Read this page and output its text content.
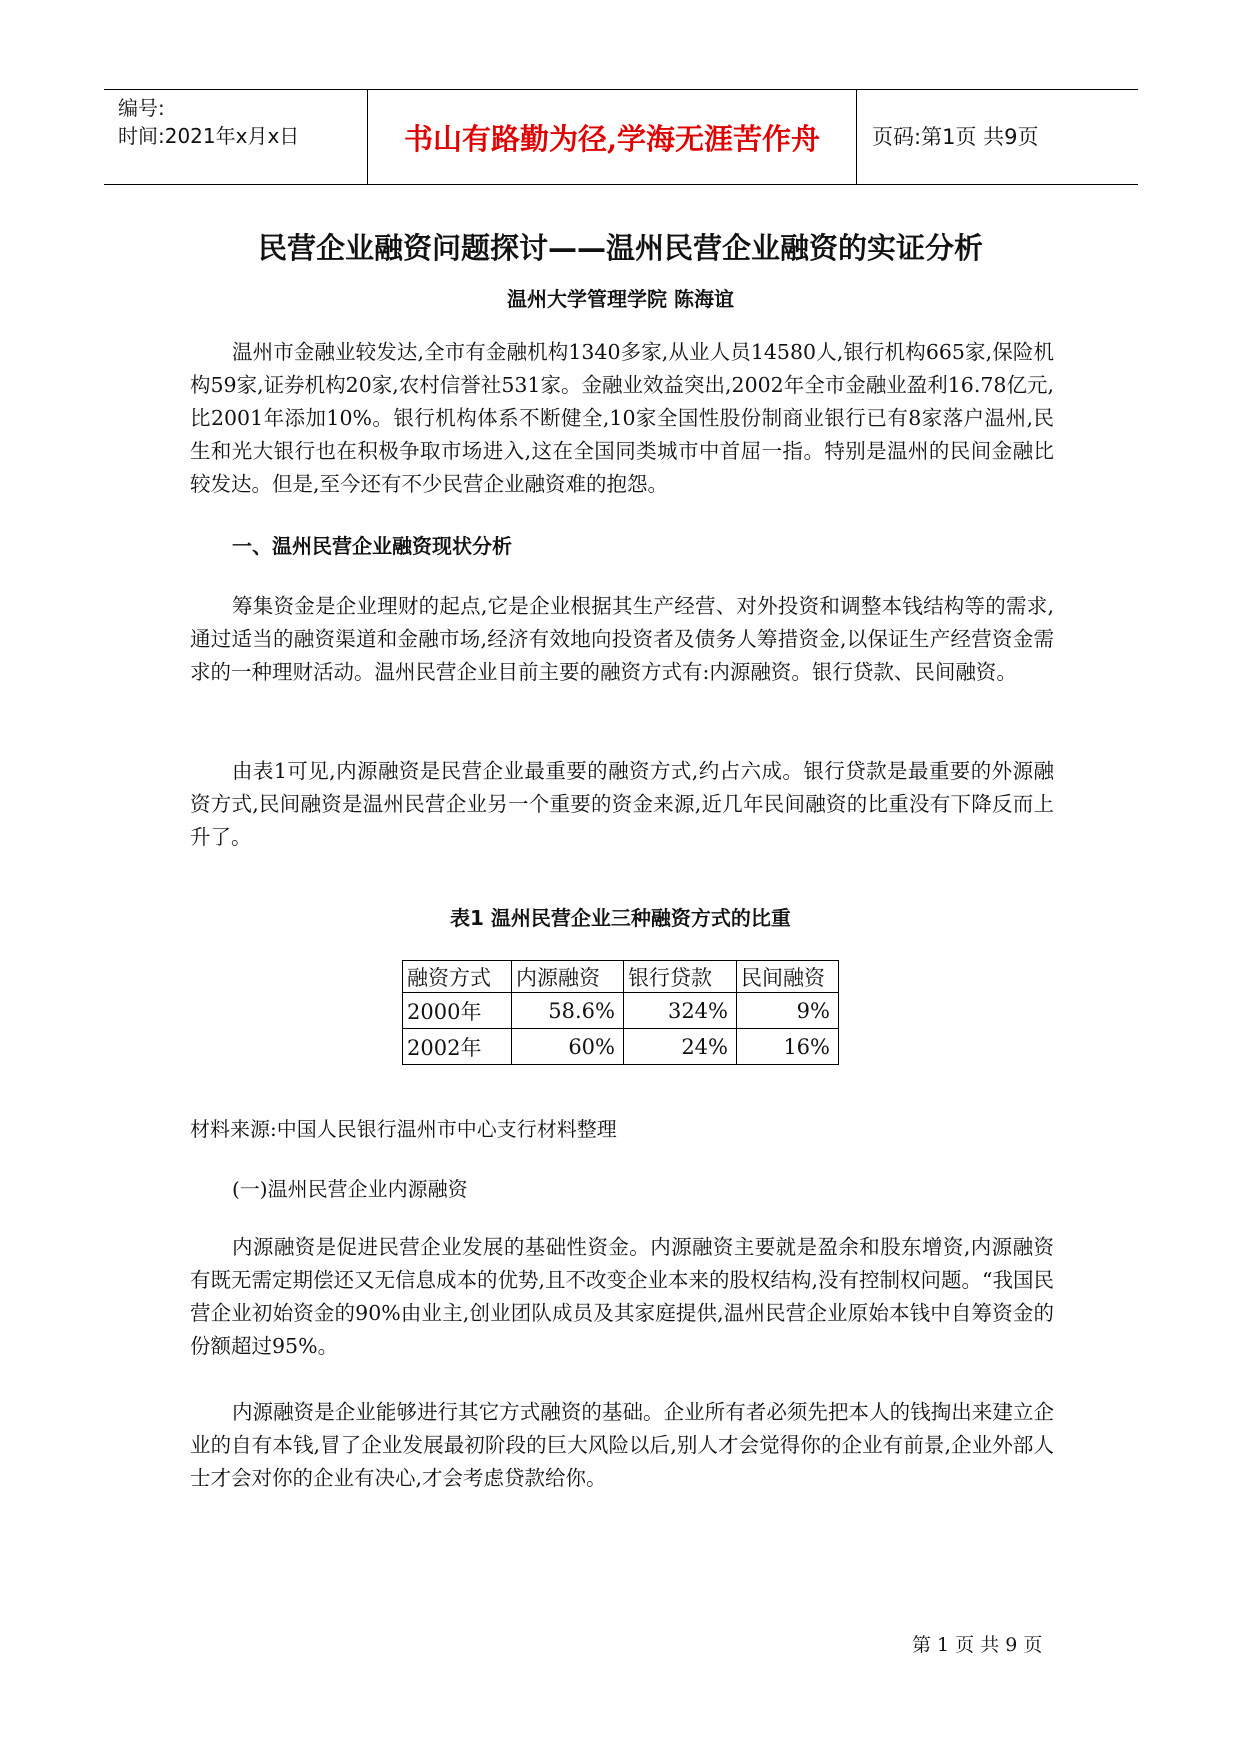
编号:
时间:2021年x月x日	书山有路勤为径,学海无涯苦作舟	页码:第1页 共9页
民营企业融资问题探讨——温州民营企业融资的实证分析
温州大学管理学院 陈海谊

温州市金融业较发达,全市有金融机构1340多家,从业人员14580人,银行机构665家,保险机构59家,证券机构20家,农村信誉社531家。金融业效益突出,2002年全市金融业盈利16.78亿元,比2001年添加10%。银行机构体系不断健全,10家全国性股份制商业银行已有8家落户温州,民生和光大银行也在积极争取市场进入,这在全国同类城市中首屈一指。特别是温州的民间金融比较发达。但是,至今还有不少民营企业融资难的抱怨。

一、温州民营企业融资现状分析

筹集资金是企业理财的起点,它是企业根据其生产经营、对外投资和调整本钱结构等的需求,通过适当的融资渠道和金融市场,经济有效地向投资者及债务人筹措资金,以保证生产经营资金需求的一种理财活动。温州民营企业目前主要的融资方式有:内源融资。银行贷款、民间融资。

由表1可见,内源融资是民营企业最重要的融资方式,约占六成。银行贷款是最重要的外源融资方式,民间融资是温州民营企业另一个重要的资金来源,近几年民间融资的比重没有下降反而上升了。

表1 温州民营企业三种融资方式的比重
融资方式	内源融资	银行贷款	民间融资
2000年	58.6%	324%	9%
2002年	60%	24%	16%
材料来源:中国人民银行温州市中心支行材料整理
(一)温州民营企业内源融资

内源融资是促进民营企业发展的基础性资金。内源融资主要就是盈余和股东增资,内源融资有既无需定期偿还又无信息成本的优势,且不改变企业本来的股权结构,没有控制权问题。“我国民营企业初始资金的90%由业主,创业团队成员及其家庭提供,温州民营企业原始本钱中自筹资金的份额超过95%。

内源融资是企业能够进行其它方式融资的基础。企业所有者必须先把本人的钱掏出来建立企业的自有本钱,冒了企业发展最初阶段的巨大风险以后,别人才会觉得你的企业有前景,企业外部人士才会对你的企业有决心,才会考虑贷款给你。

第 1 页 共 9 页
